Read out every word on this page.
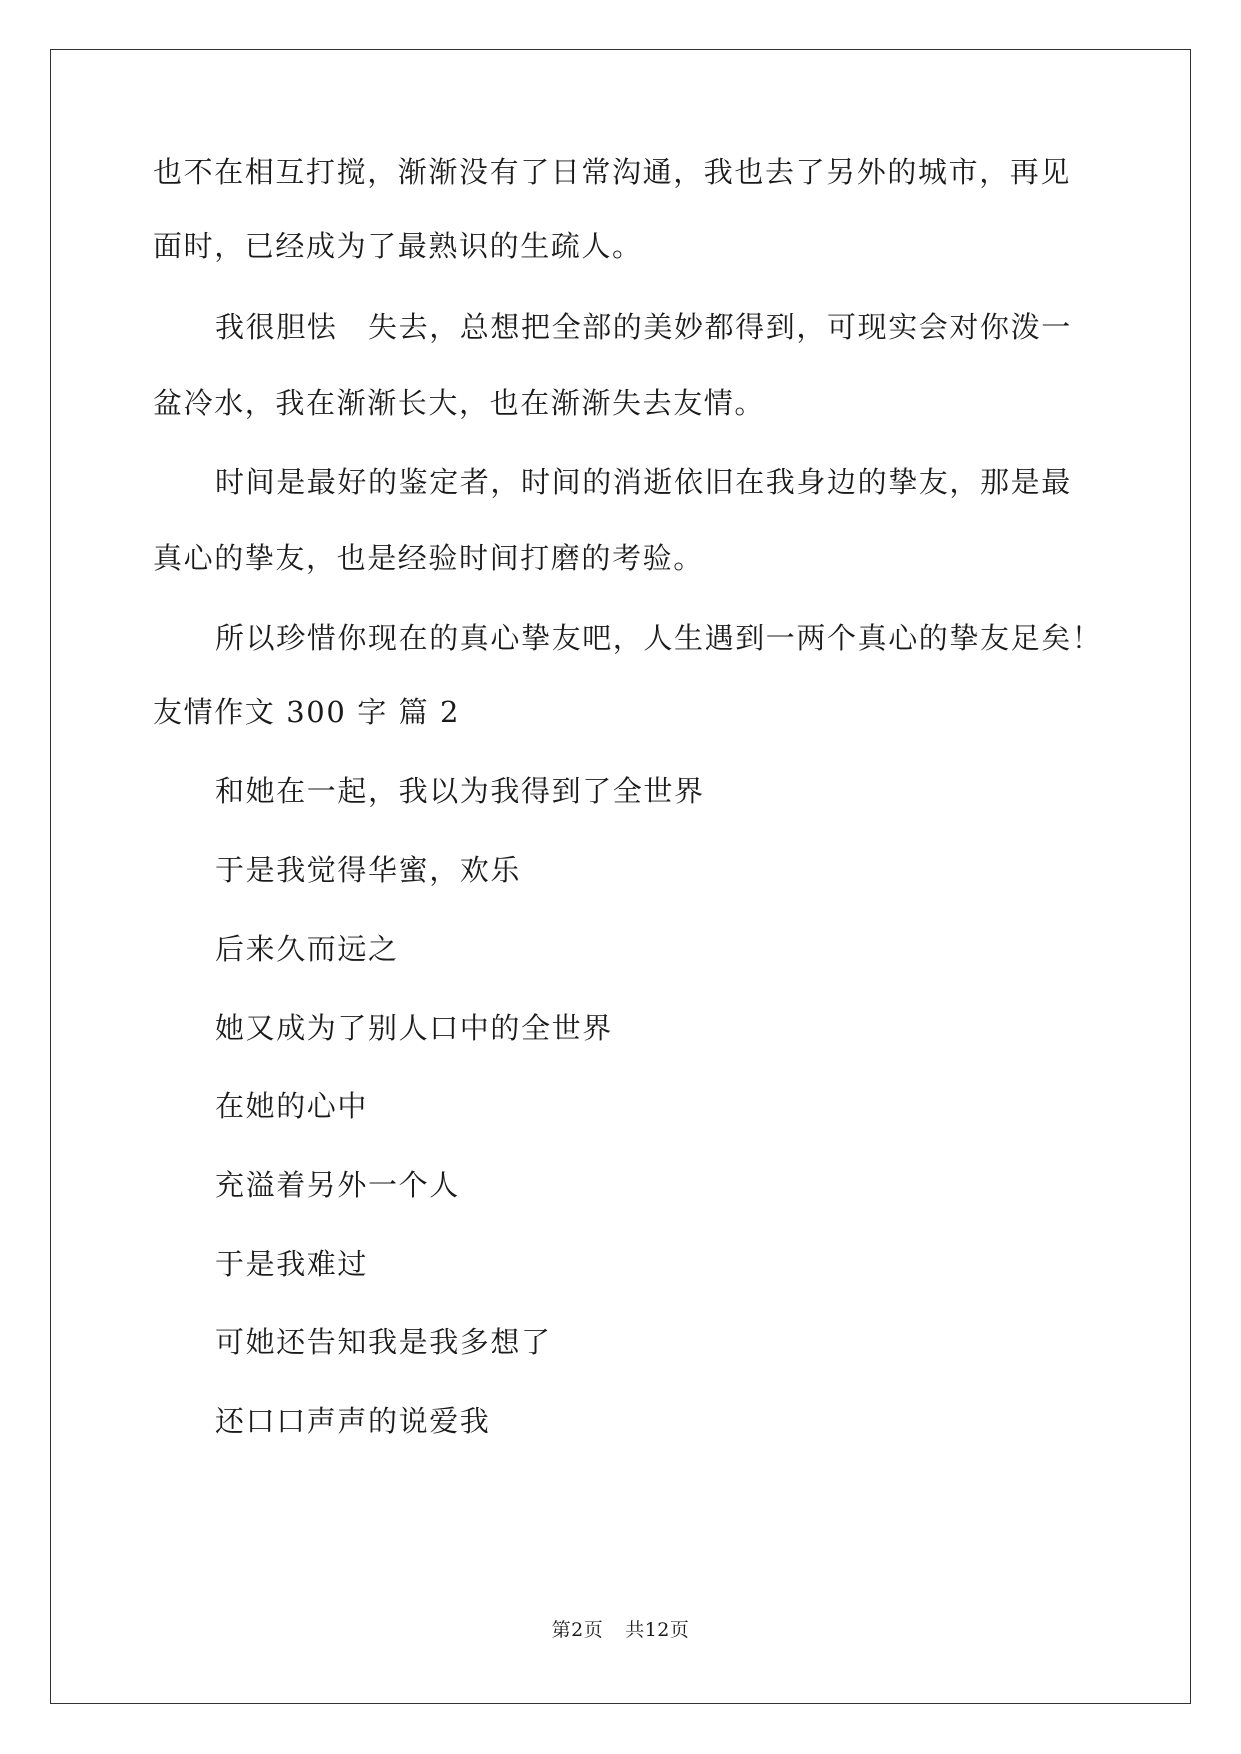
也不在相互打搅，渐渐没有了日常沟通，我也去了另外的城市，再见
面时，已经成为了最熟识的生疏人。
我很胆怯　失去，总想把全部的美妙都得到，可现实会对你泼一
盆冷水，我在渐渐长大，也在渐渐失去友情。
时间是最好的鉴定者，时间的消逝依旧在我身边的挚友，那是最
真心的挚友，也是经验时间打磨的考验。
所以珍惜你现在的真心挚友吧，人生遇到一两个真心的挚友足矣！
友情作文 300 字 篇 2
和她在一起，我以为我得到了全世界
于是我觉得华蜜，欢乐
后来久而远之
她又成为了别人口中的全世界
在她的心中
充溢着另外一个人
于是我难过
可她还告知我是我多想了
还口口声声的说爱我
第2页 共12页
